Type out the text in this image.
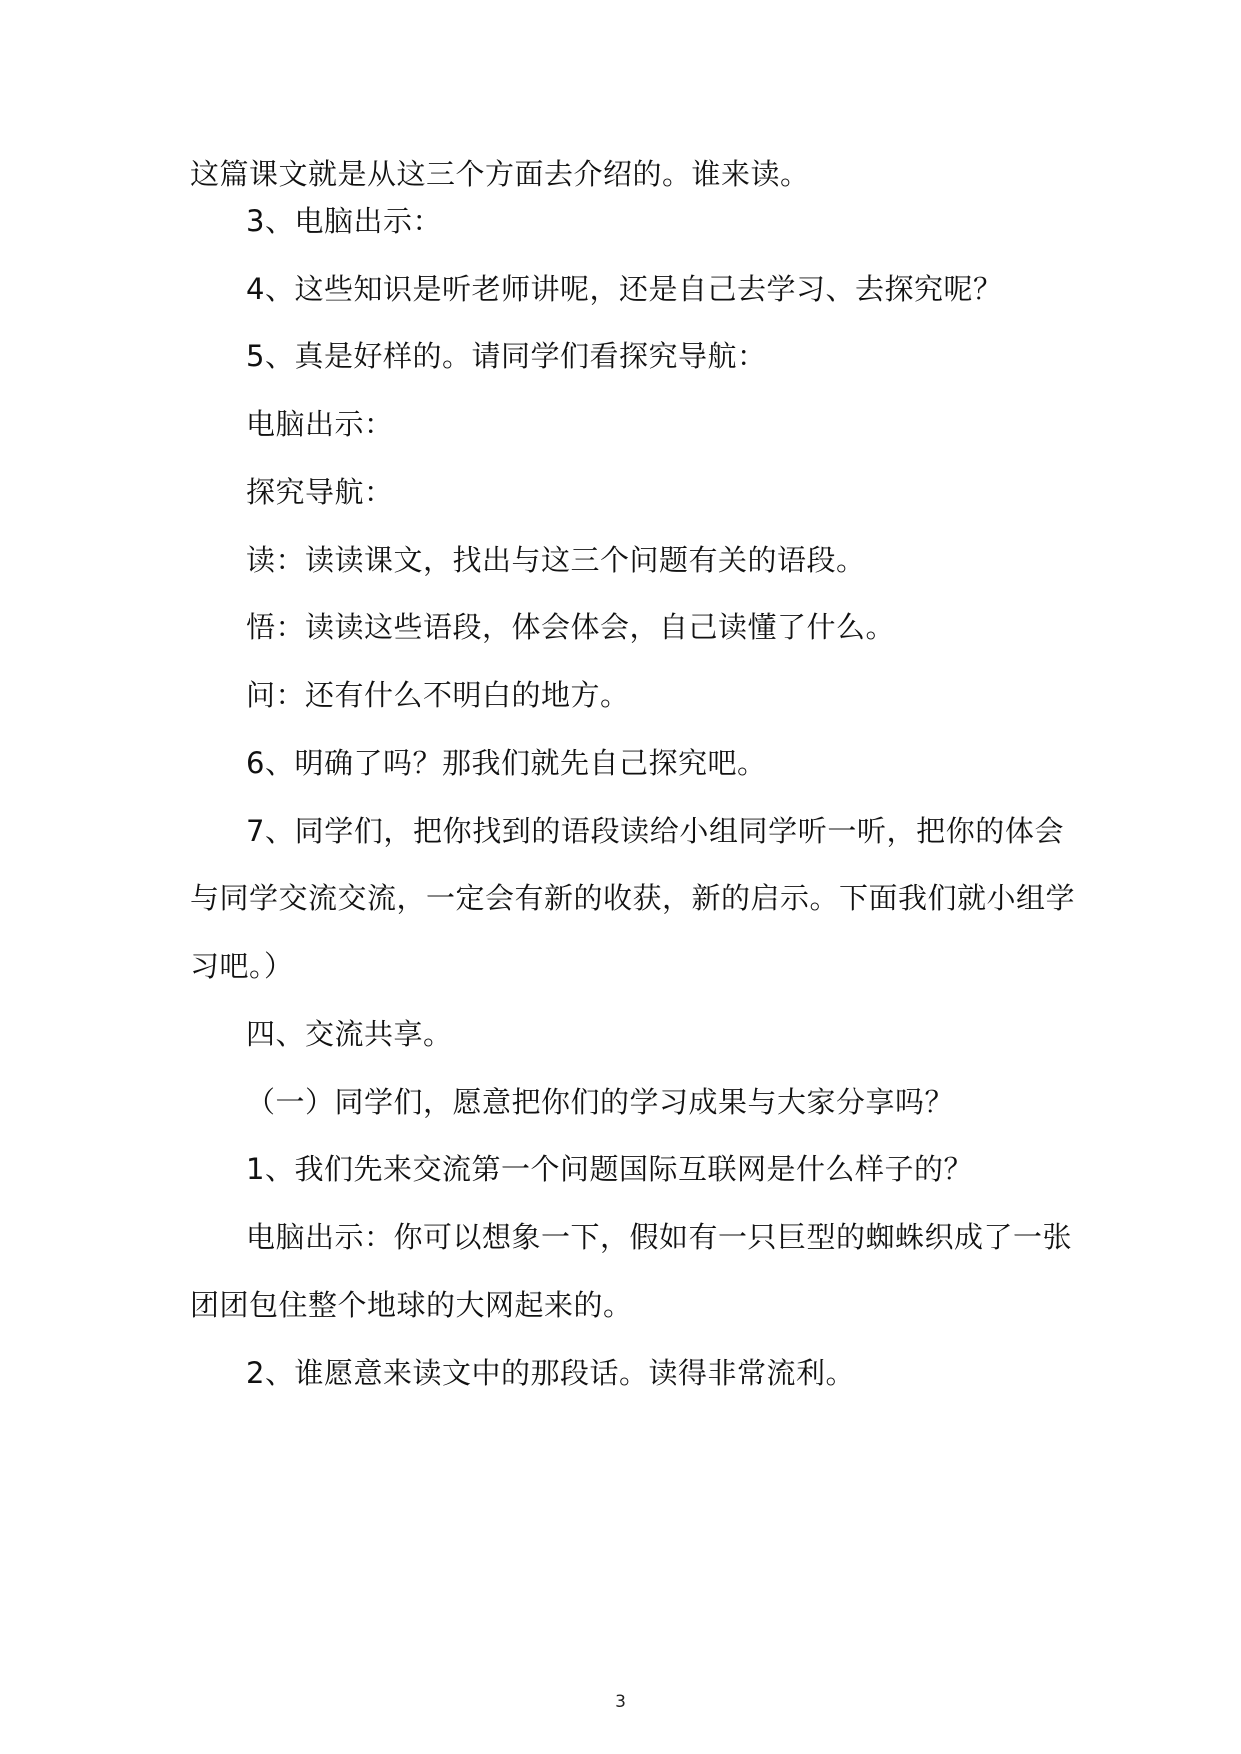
这篇课文就是从这三个方面去介绍的。谁来读。
3、电脑出示：
4、这些知识是听老师讲呢，还是自己去学习、去探究呢？
5、真是好样的。请同学们看探究导航：
电脑出示：
探究导航：
读：读读课文，找出与这三个问题有关的语段。
悟：读读这些语段，体会体会，自己读懂了什么。
问：还有什么不明白的地方。
6、明确了吗？那我们就先自己探究吧。
7、同学们，把你找到的语段读给小组同学听一听，把你的体会
与同学交流交流，一定会有新的收获，新的启示。下面我们就小组学
习吧。）
四、交流共享。
（一）同学们，愿意把你们的学习成果与大家分享吗？
1、我们先来交流第一个问题国际互联网是什么样子的？
电脑出示：你可以想象一下，假如有一只巨型的蜘蛛织成了一张
团团包住整个地球的大网起来的。
2、谁愿意来读文中的那段话。读得非常流利。
3
